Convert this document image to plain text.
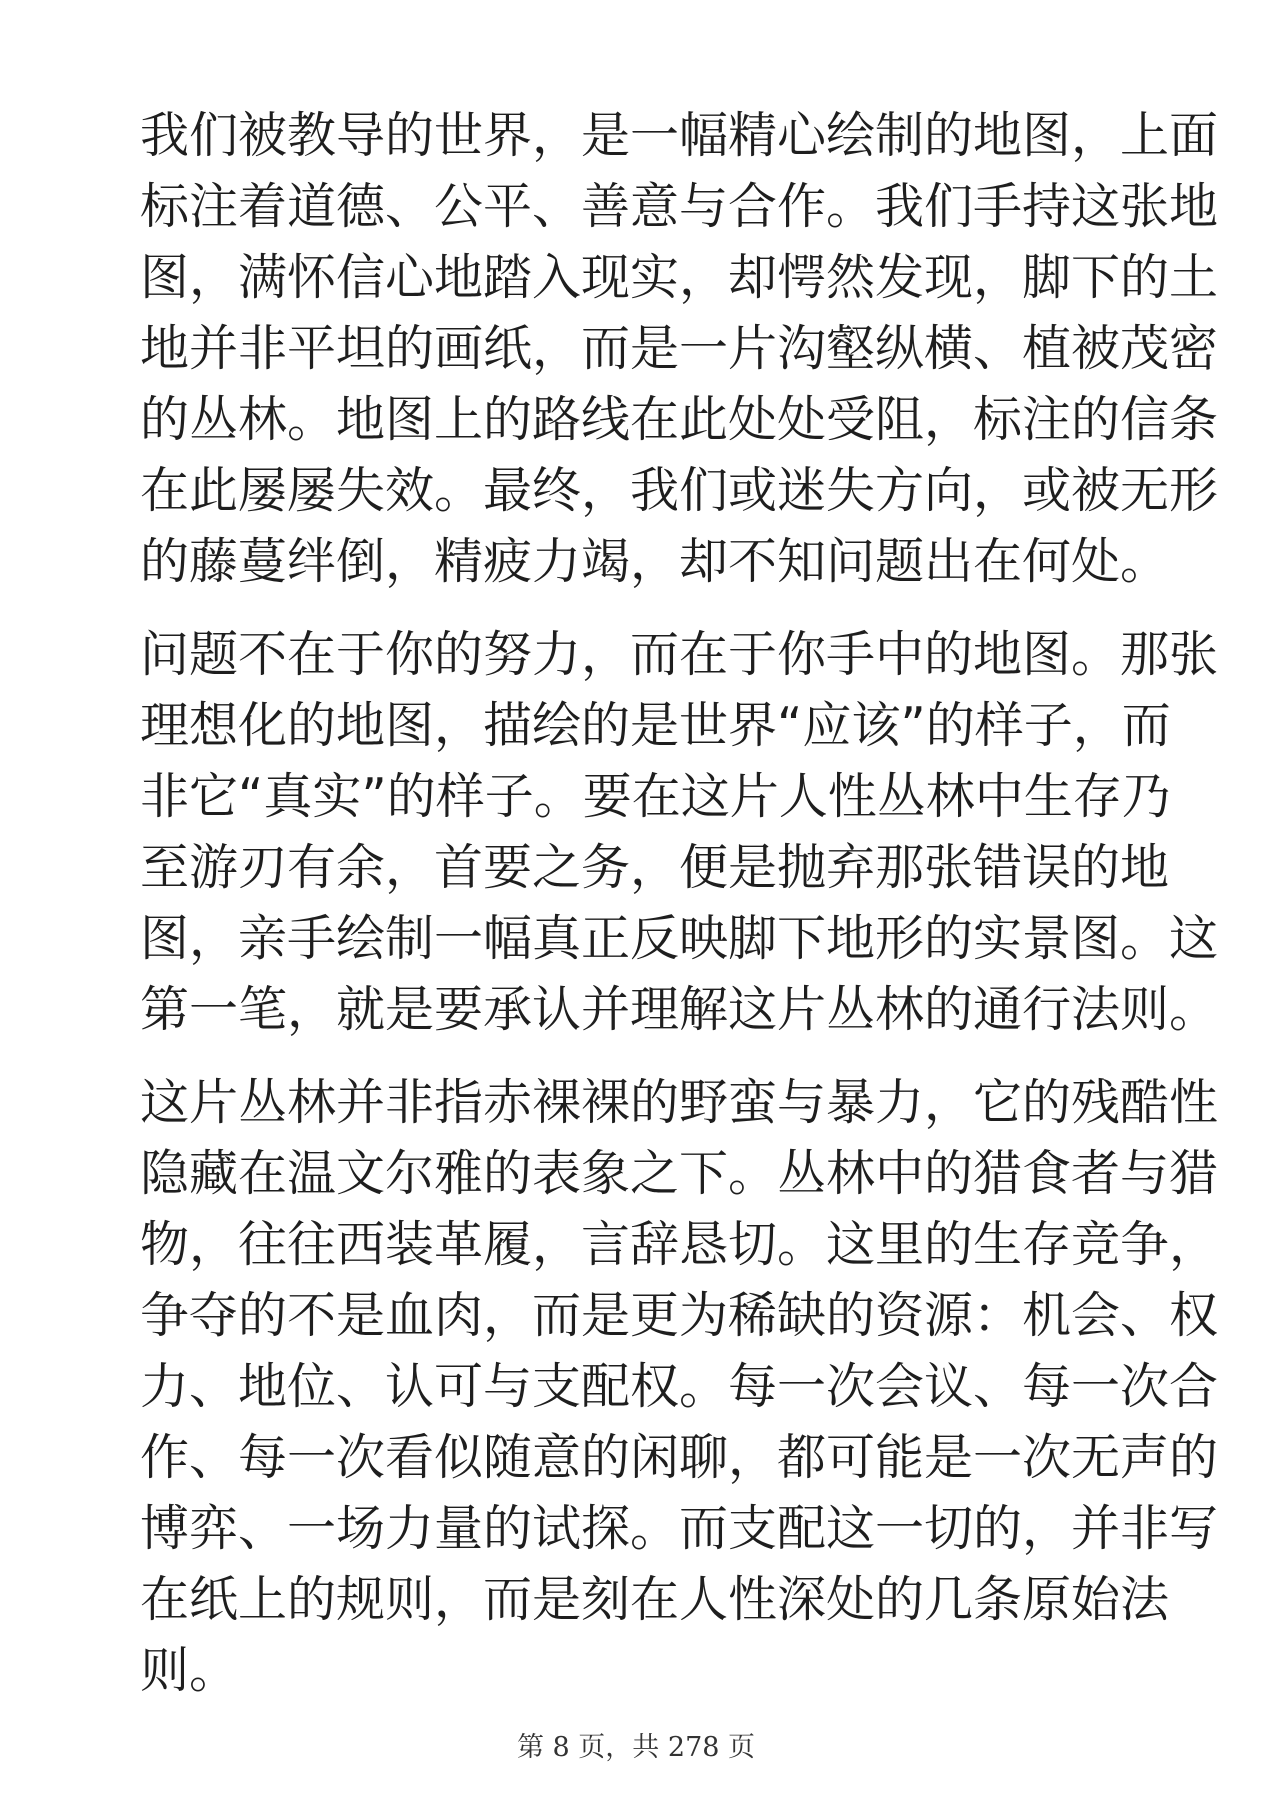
我们被教导的世界，是一幅精心绘制的地图，上面
标注着道德、公平、善意与合作。我们手持这张地
图，满怀信心地踏入现实，却愕然发现，脚下的土
地并非平坦的画纸，而是一片沟壑纵横、植被茂密
的丛林。地图上的路线在此处处受阻，标注的信条
在此屡屡失效。最终，我们或迷失方向，或被无形
的藤蔓绊倒，精疲力竭，却不知问题出在何处。
问题不在于你的努力，而在于你手中的地图。那张
理想化的地图，描绘的是世界“应该”的样子，而
非它“真实”的样子。要在这片人性丛林中生存乃
至游刃有余，首要之务，便是抛弃那张错误的地
图，亲手绘制一幅真正反映脚下地形的实景图。这
第一笔，就是要承认并理解这片丛林的通行法则。
这片丛林并非指赤裸裸的野蛮与暴力，它的残酷性
隐藏在温文尔雅的表象之下。丛林中的猎食者与猎
物，往往西装革履，言辞恳切。这里的生存竞争，
争夺的不是血肉，而是更为稀缺的资源：机会、权
力、地位、认可与支配权。每一次会议、每一次合
作、每一次看似随意的闲聊，都可能是一次无声的
博弈、一场力量的试探。而支配这一切的，并非写
在纸上的规则，而是刻在人性深处的几条原始法
则。
第 8 页，共 278 页
